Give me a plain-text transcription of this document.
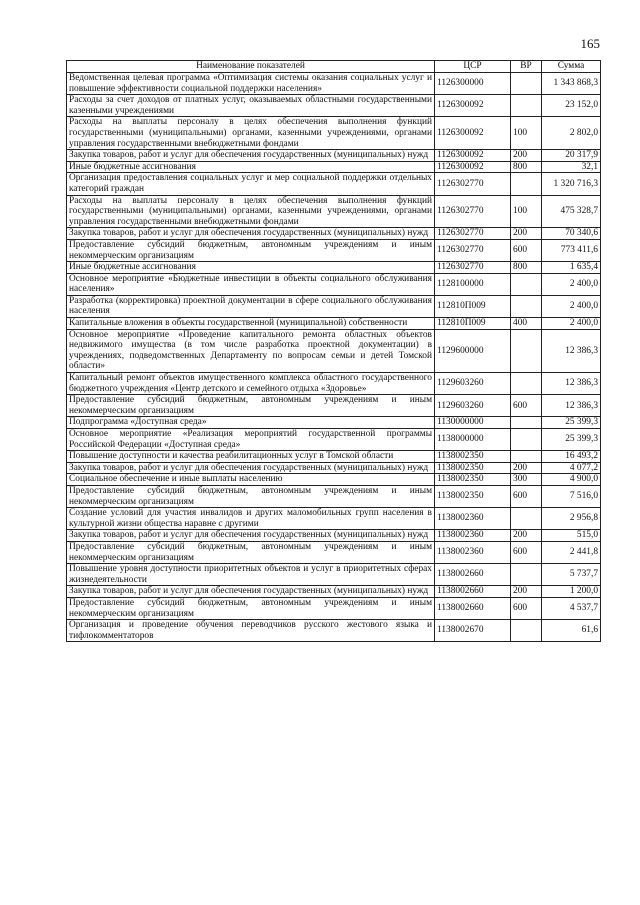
165
Наименование показателей	ЦСР	ВР	Сумма
Ведомственная целевая программа «Оптимизация системы оказания социальных услуг и повышение эффективности социальной поддержки населения»	1126300000		1 343 868,3
Расходы за счет доходов от платных услуг, оказываемых областными государственными казенными учреждениями	1126300092		23 152,0
Расходы на выплаты персоналу в целях обеспечения выполнения функций государственными (муниципальными) органами, казенными учреждениями, органами управления государственными внебюджетными фондами	1126300092	100	2 802,0
Закупка товаров, работ и услуг для обеспечения государственных (муниципальных) нужд	1126300092	200	20 317,9
Иные бюджетные ассигнования	1126300092	800	32,1
Организация предоставления социальных услуг и мер социальной поддержки отдельных категорий граждан	1126302770		1 320 716,3
Расходы на выплаты персоналу в целях обеспечения выполнения функций государственными (муниципальными) органами, казенными учреждениями, органами управления государственными внебюджетными фондами	1126302770	100	475 328,7
Закупка товаров, работ и услуг для обеспечения государственных (муниципальных) нужд	1126302770	200	70 340,6
Предоставление субсидий бюджетным, автономным учреждениям и иным некоммерческим организациям	1126302770	600	773 411,6
Иные бюджетные ассигнования	1126302770	800	1 635,4
Основное мероприятие «Бюджетные инвестиции в объекты социального обслуживания населения»	1128100000		2 400,0
Разработка (корректировка) проектной документации в сфере социального обслуживания населения	112810П009		2 400,0
Капитальные вложения в объекты государственной (муниципальной) собственности	112810П009	400	2 400,0
Основное мероприятие «Проведение капитального ремонта областных объектов недвижимого имущества (в том числе разработка проектной документации) в учреждениях, подведомственных Департаменту по вопросам семьи и детей Томской области»	1129600000		12 386,3
Капитальный ремонт объектов имущественного комплекса областного государственного бюджетного учреждения «Центр детского и семейного отдыха «Здоровье»	1129603260		12 386,3
Предоставление субсидий бюджетным, автономным учреждениям и иным некоммерческим организациям	1129603260	600	12 386,3
Подпрограмма «Доступная среда»	1130000000		25 399,3
Основное мероприятие «Реализация мероприятий государственной программы Российской Федерации «Доступная среда»	1138000000		25 399,3
Повышение доступности и качества реабилитационных услуг в Томской области	1138002350		16 493,2
Закупка товаров, работ и услуг для обеспечения государственных (муниципальных) нужд	1138002350	200	4 077,2
Социальное обеспечение и иные выплаты населению	1138002350	300	4 900,0
Предоставление субсидий бюджетным, автономным учреждениям и иным некоммерческим организациям	1138002350	600	7 516,0
Создание условий для участия инвалидов и других маломобильных групп населения в культурной жизни общества наравне с другими	1138002360		2 956,8
Закупка товаров, работ и услуг для обеспечения государственных (муниципальных) нужд	1138002360	200	515,0
Предоставление субсидий бюджетным, автономным учреждениям и иным некоммерческим организациям	1138002360	600	2 441,8
Повышение уровня доступности приоритетных объектов и услуг в приоритетных сферах жизнедеятельности	1138002660		5 737,7
Закупка товаров, работ и услуг для обеспечения государственных (муниципальных) нужд	1138002660	200	1 200,0
Предоставление субсидий бюджетным, автономным учреждениям и иным некоммерческим организациям	1138002660	600	4 537,7
Организация и проведение обучения переводчиков русского жестового языка и тифлокомментаторов	1138002670		61,6
